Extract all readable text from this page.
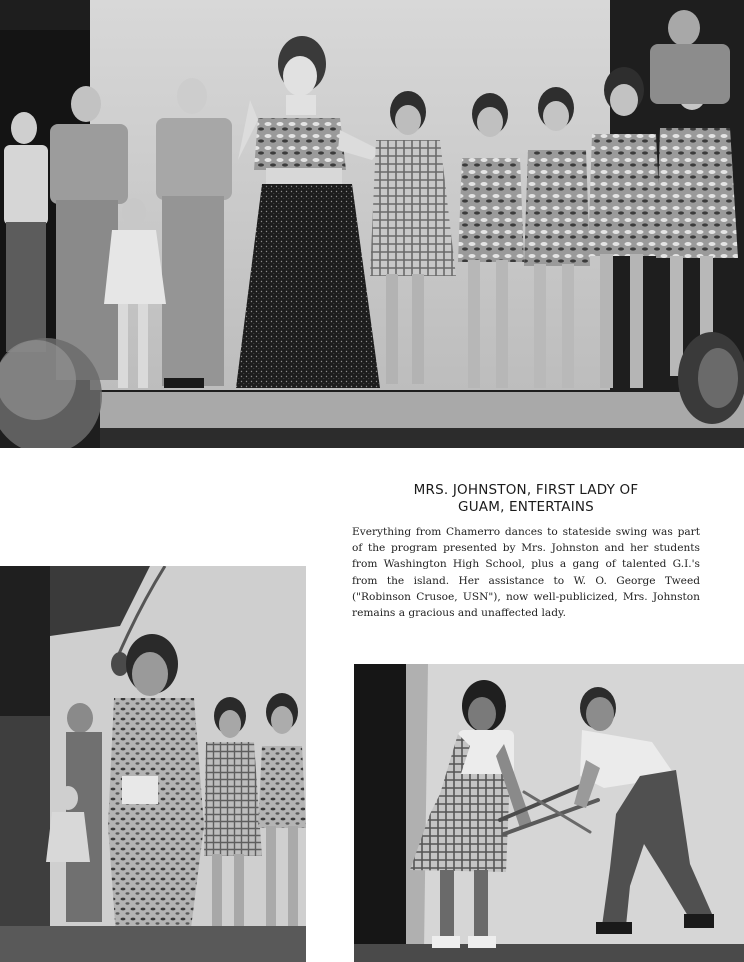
MRS. JOHNSTON, FIRST LADY OF
GUAM, ENTERTAINS

Everything from Chamerro dances to stateside swing was part of the program presented by Mrs. Johnston and her students from Washington High School, plus a gang of talented G.I.'s from the island. Her assistance to W. O. George Tweed ("Robinson Crusoe, USN"), now well-publicized, Mrs. Johnston remains a gracious and unaffected lady.
